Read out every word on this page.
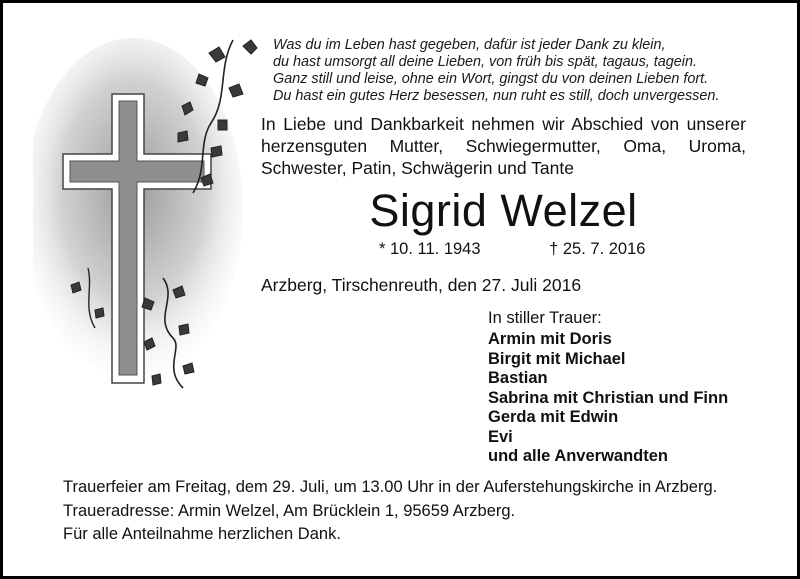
Was du im Leben hast gegeben, dafür ist jeder Dank zu klein,
du hast umsorgt all deine Lieben, von früh bis spät, tagaus, tagein.
Ganz still und leise, ohne ein Wort, gingst du von deinen Lieben fort.
Du hast ein gutes Herz besessen, nun ruht es still, doch unvergessen.
In Liebe und Dankbarkeit nehmen wir Abschied von unserer
herzensguten Mutter, Schwiegermutter, Oma, Uroma,
Schwester, Patin, Schwägerin und Tante
Sigrid Welzel
* 10. 11. 1943	† 25. 7. 2016
Arzberg, Tirschenreuth, den 27. Juli 2016
In stiller Trauer:
Armin mit Doris
Birgit mit Michael
Bastian
Sabrina mit Christian und Finn
Gerda mit Edwin
Evi
und alle Anverwandten
Trauerfeier am Freitag, dem 29. Juli, um 13.00 Uhr in der Auferstehungskirche in Arzberg.
Traueradresse: Armin Welzel, Am Brücklein 1, 95659 Arzberg.
Für alle Anteilnahme herzlichen Dank.
